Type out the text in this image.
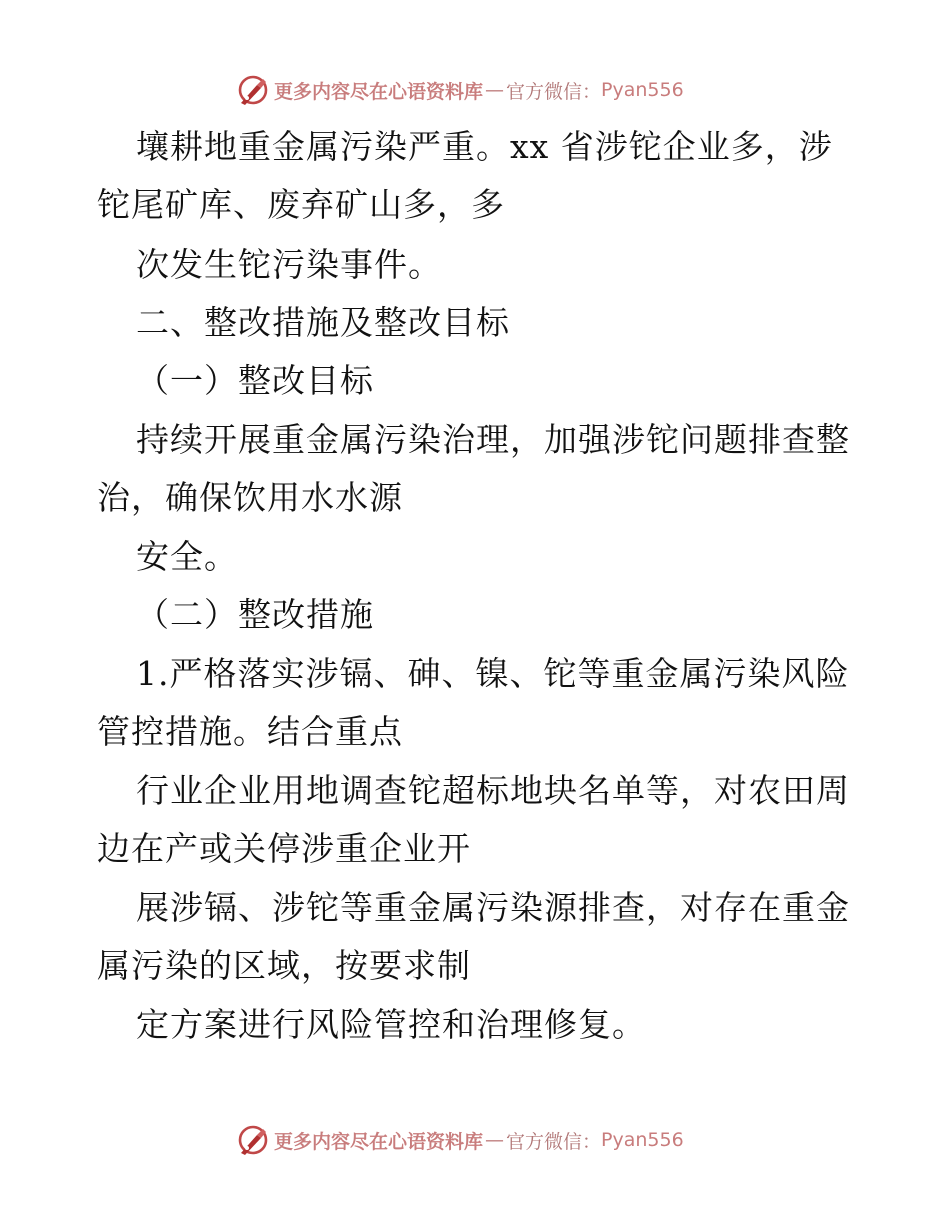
更多内容尽在心语资料库 — 官方微信： Pyan556
壤耕地重金属污染严重。xx 省涉铊企业多，涉
铊尾矿库、废弃矿山多，多
次发生铊污染事件。
二、整改措施及整改目标
（一）整改目标
持续开展重金属污染治理，加强涉铊问题排查整
治，确保饮用水水源
安全。
（二）整改措施
1.严格落实涉镉、砷、镍、铊等重金属污染风险
管控措施。结合重点
行业企业用地调查铊超标地块名单等，对农田周
边在产或关停涉重企业开
展涉镉、涉铊等重金属污染源排查，对存在重金
属污染的区域，按要求制
定方案进行风险管控和治理修复。
更多内容尽在心语资料库 — 官方微信： Pyan556
